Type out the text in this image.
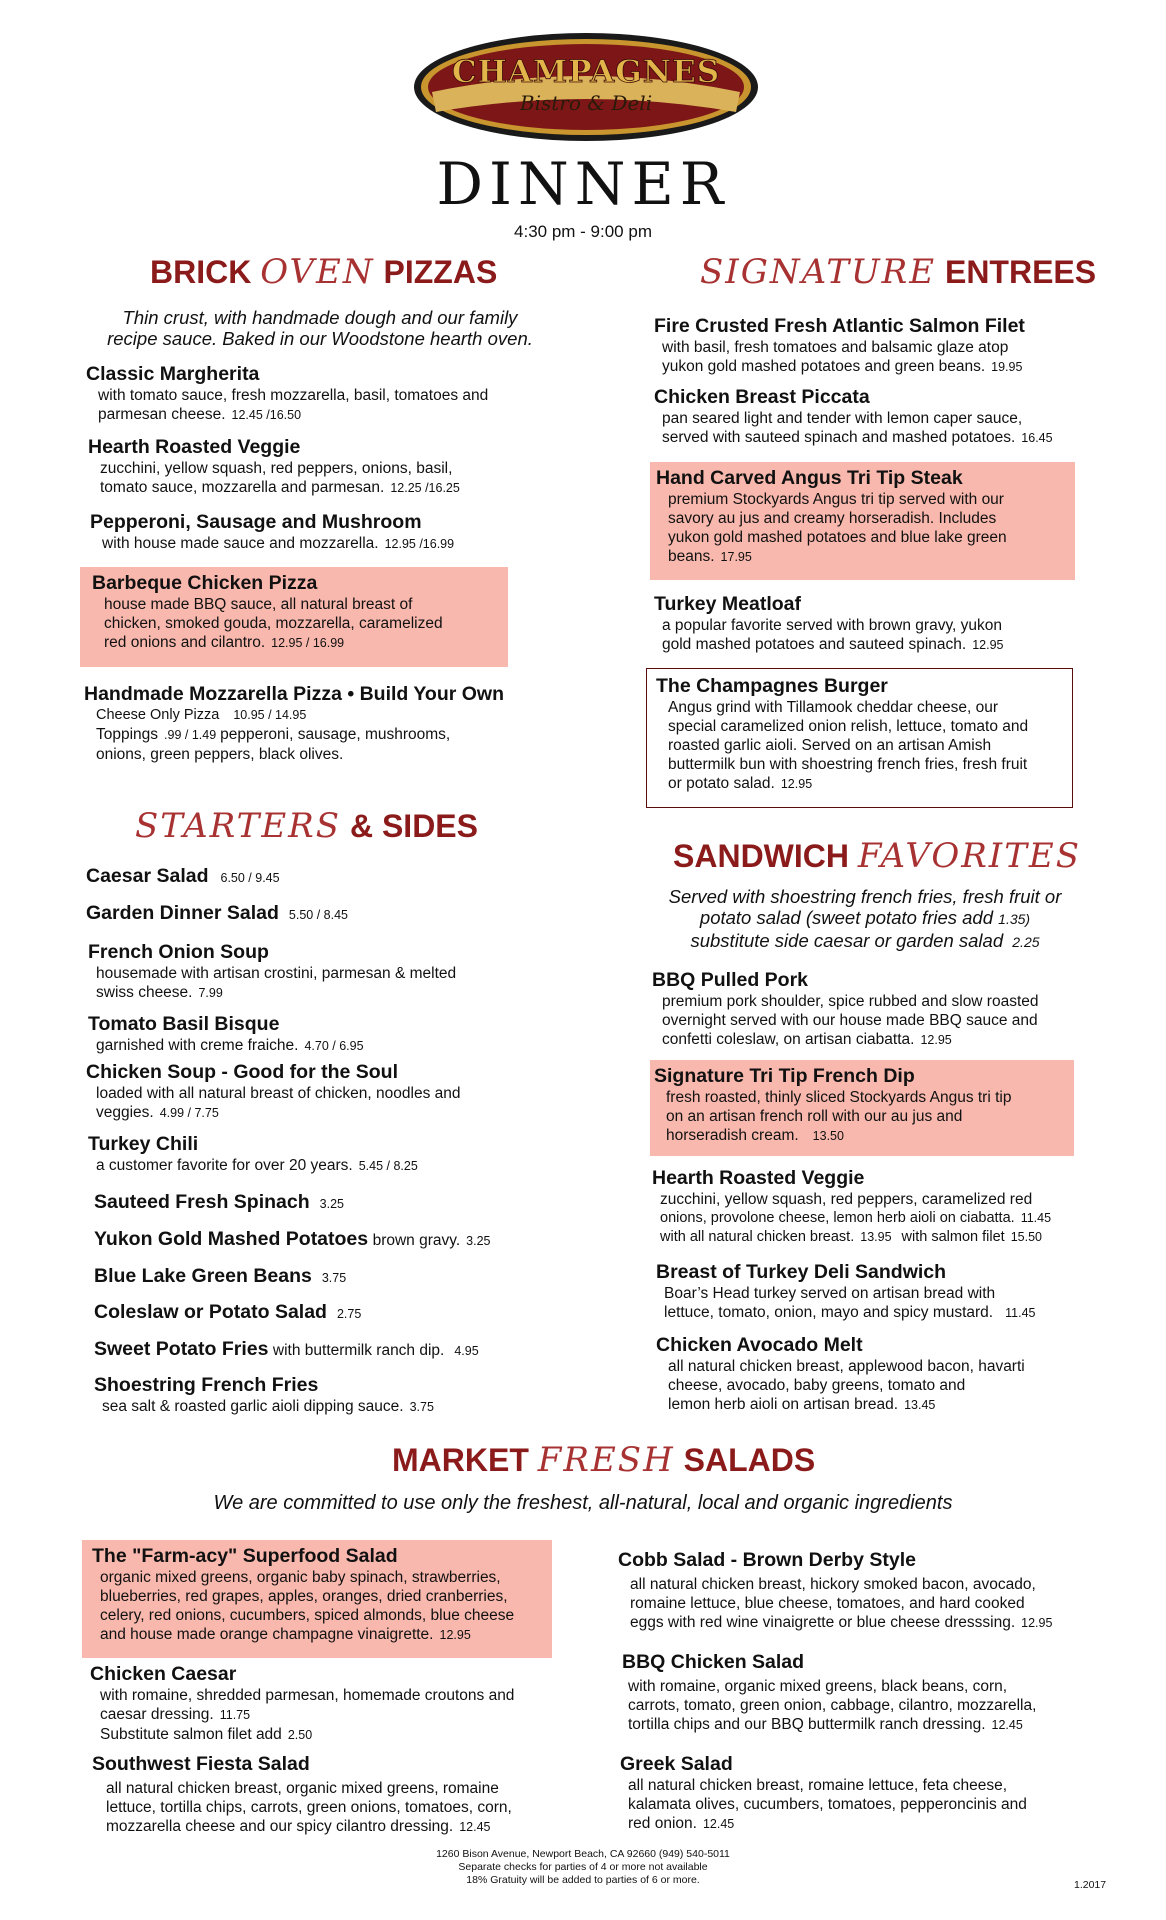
CHAMPAGNES
Bistro & Deli
DINNER
4:30 pm - 9:00 pm
BRICK OVEN PIZZAS
Thin crust, with handmade dough and our family
recipe sauce. Baked in our Woodstone hearth oven.
Classic Margherita
with tomato sauce, fresh mozzarella, basil, tomatoes and
parmesan cheese. 12.45 /16.50
Hearth Roasted Veggie
zucchini, yellow squash, red peppers, onions, basil,
tomato sauce, mozzarella and parmesan. 12.25 /16.25
Pepperoni, Sausage and Mushroom
with house made sauce and mozzarella. 12.95 /16.99
Barbeque Chicken Pizza
house made BBQ sauce, all natural breast of
chicken, smoked gouda, mozzarella, caramelized
red onions and cilantro. 12.95 / 16.99
Handmade Mozzarella Pizza • Build Your Own
Cheese Only Pizza 10.95 / 14.95
Toppings .99 / 1.49 pepperoni, sausage, mushrooms,
onions, green peppers, black olives.
STARTERS & SIDES
Caesar Salad 6.50 / 9.45
Garden Dinner Salad 5.50 / 8.45
French Onion Soup
housemade with artisan crostini, parmesan & melted
swiss cheese. 7.99
Tomato Basil Bisque
garnished with creme fraiche. 4.70 / 6.95
Chicken Soup - Good for the Soul
loaded with all natural breast of chicken, noodles and
veggies. 4.99 / 7.75
Turkey Chili
a customer favorite for over 20 years. 5.45 / 8.25
Sauteed Fresh Spinach 3.25
Yukon Gold Mashed Potatoes brown gravy. 3.25
Blue Lake Green Beans 3.75
Coleslaw or Potato Salad 2.75
Sweet Potato Fries with buttermilk ranch dip. 4.95
Shoestring French Fries
sea salt & roasted garlic aioli dipping sauce. 3.75
SIGNATURE ENTREES
Fire Crusted Fresh Atlantic Salmon Filet
with basil, fresh tomatoes and balsamic glaze atop
yukon gold mashed potatoes and green beans. 19.95
Chicken Breast Piccata
pan seared light and tender with lemon caper sauce,
served with sauteed spinach and mashed potatoes. 16.45
Hand Carved Angus Tri Tip Steak
premium Stockyards Angus tri tip served with our
savory au jus and creamy horseradish. Includes
yukon gold mashed potatoes and blue lake green
beans. 17.95
Turkey Meatloaf
a popular favorite served with brown gravy, yukon
gold mashed potatoes and sauteed spinach. 12.95
The Champagnes Burger
Angus grind with Tillamook cheddar cheese, our
special caramelized onion relish, lettuce, tomato and
roasted garlic aioli. Served on an artisan Amish
buttermilk bun with shoestring french fries, fresh fruit
or potato salad. 12.95
SANDWICH FAVORITES
Served with shoestring french fries, fresh fruit or
potato salad (sweet potato fries add 1.35)
substitute side caesar or garden salad 2.25
BBQ Pulled Pork
premium pork shoulder, spice rubbed and slow roasted
overnight served with our house made BBQ sauce and
confetti coleslaw, on artisan ciabatta. 12.95
Signature Tri Tip French Dip
fresh roasted, thinly sliced Stockyards Angus tri tip
on an artisan french roll with our au jus and
horseradish cream. 13.50
Hearth Roasted Veggie
zucchini, yellow squash, red peppers, caramelized red
onions, provolone cheese, lemon herb aioli on ciabatta. 11.45
with all natural chicken breast. 13.95 with salmon filet 15.50
Breast of Turkey Deli Sandwich
Boar’s Head turkey served on artisan bread with
lettuce, tomato, onion, mayo and spicy mustard. 11.45
Chicken Avocado Melt
all natural chicken breast, applewood bacon, havarti
cheese, avocado, baby greens, tomato and
lemon herb aioli on artisan bread. 13.45
MARKET FRESH SALADS
We are committed to use only the freshest, all-natural, local and organic ingredients
The "Farm-acy" Superfood Salad
organic mixed greens, organic baby spinach, strawberries,
blueberries, red grapes, apples, oranges, dried cranberries,
celery, red onions, cucumbers, spiced almonds, blue cheese
and house made orange champagne vinaigrette. 12.95
Chicken Caesar
with romaine, shredded parmesan, homemade croutons and
caesar dressing. 11.75
Substitute salmon filet add 2.50
Southwest Fiesta Salad
all natural chicken breast, organic mixed greens, romaine
lettuce, tortilla chips, carrots, green onions, tomatoes, corn,
mozzarella cheese and our spicy cilantro dressing. 12.45
Cobb Salad - Brown Derby Style
all natural chicken breast, hickory smoked bacon, avocado,
romaine lettuce, blue cheese, tomatoes, and hard cooked
eggs with red wine vinaigrette or blue cheese dresssing. 12.95
BBQ Chicken Salad
with romaine, organic mixed greens, black beans, corn,
carrots, tomato, green onion, cabbage, cilantro, mozzarella,
tortilla chips and our BBQ buttermilk ranch dressing. 12.45
Greek Salad
all natural chicken breast, romaine lettuce, feta cheese,
kalamata olives, cucumbers, tomatoes, pepperoncinis and
red onion. 12.45
1260 Bison Avenue, Newport Beach, CA 92660 (949) 540-5011
Separate checks for parties of 4 or more not available
18% Gratuity will be added to parties of 6 or more.	1.2017
